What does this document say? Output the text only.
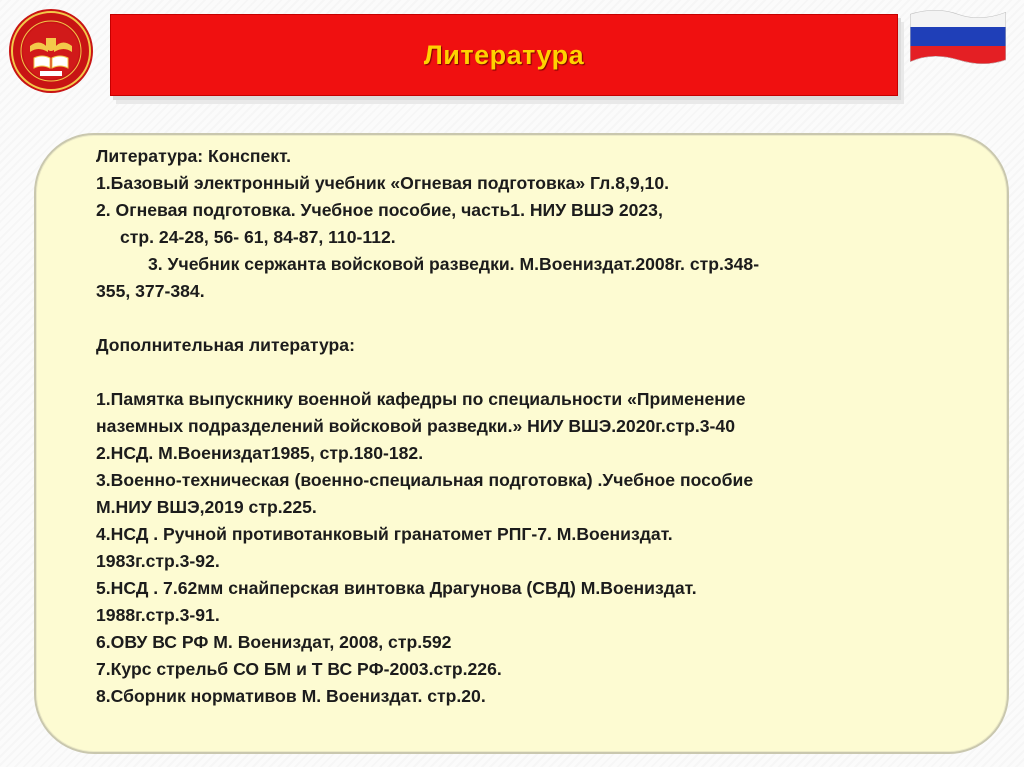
Литература
Литература: Конспект.
1.Базовый электронный учебник «Огневая подготовка» Гл.8,9,10.
2. Огневая подготовка. Учебное пособие, часть1. НИУ ВШЭ 2023,
стр. 24-28, 56- 61, 84-87, 110-112.
3. Учебник сержанта войсковой разведки. М.Воениздат.2008г. стр.348-
355, 377-384.
Дополнительная литература:
1.Памятка выпускнику военной кафедры по специальности «Применение
наземных подразделений войсковой разведки.» НИУ ВШЭ.2020г.стр.3-40
2.НСД. М.Воениздат1985, стр.180-182.
3.Военно-техническая (военно-специальная подготовка) .Учебное пособие
М.НИУ ВШЭ,2019 стр.225.
4.НСД . Ручной противотанковый гранатомет РПГ-7. М.Воениздат.
1983г.стр.3-92.
5.НСД . 7.62мм снайперская винтовка Драгунова (СВД) М.Воениздат.
1988г.стр.3-91.
6.ОВУ ВС РФ М. Воениздат, 2008, стр.592
7.Курс стрельб СО БМ и Т ВС РФ-2003.стр.226.
8.Сборник нормативов М. Воениздат. стр.20.
